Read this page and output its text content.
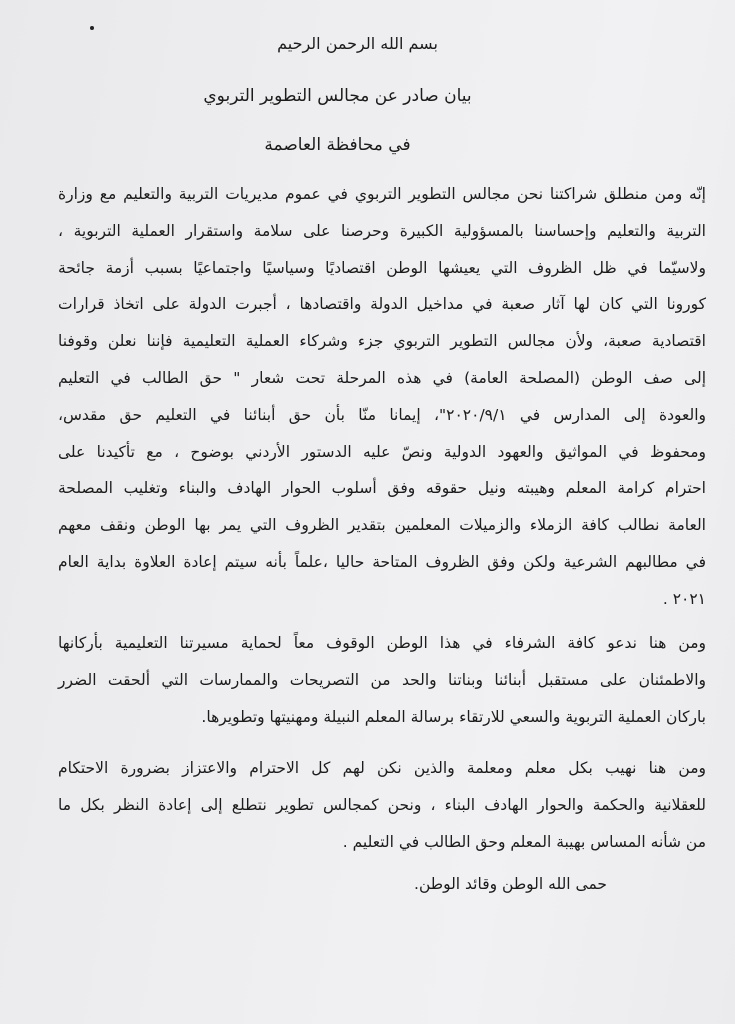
بسم الله الرحمن الرحيم
بيان صادر عن مجالس التطوير التربوي
في محافظة العاصمة
إنّه ومن منطلق شراكتنا نحن مجالس التطوير التربوي في عموم مديريات التربية والتعليم مع وزارة
التربية والتعليم وإحساسنا بالمسؤولية الكبيرة وحرصنا على سلامة واستقرار العملية التربوية ،
ولاسيّما في ظل الظروف التي يعيشها الوطن اقتصاديًا وسياسيًا واجتماعيًا بسبب أزمة جائحة
كورونا التي كان لها آثار صعبة في مداخيل الدولة واقتصادها ، أجبرت الدولة على اتخاذ قرارات
اقتصادية صعبة، ولأن مجالس التطوير التربوي جزء وشركاء العملية التعليمية فإننا نعلن وقوفنا
إلى صف الوطن (المصلحة العامة) في هذه المرحلة تحت شعار " حق الطالب في التعليم
والعودة إلى المدارس في ٢٠٢٠/٩/١"، إيمانا منّا بأن حق أبنائنا في التعليم حق مقدس،
ومحفوظ في المواثيق والعهود الدولية ونصّ عليه الدستور الأردني بوضوح ، مع تأكيدنا على
احترام كرامة المعلم وهيبته ونيل حقوقه وفق أسلوب الحوار الهادف والبناء وتغليب المصلحة
العامة نطالب كافة الزملاء والزميلات المعلمين بتقدير الظروف التي يمر بها الوطن ونقف معهم
في مطالبهم الشرعية ولكن وفق الظروف المتاحة حاليا ،علماً بأنه سيتم إعادة العلاوة بداية العام
٢٠٢١ .
ومن هنا ندعو كافة الشرفاء في هذا الوطن الوقوف معاً لحماية مسيرتنا التعليمية بأركانها
والاطمئنان على مستقبل أبنائنا وبناتنا والحد من التصريحات والممارسات التي ألحقت الضرر
باركان العملية التربوية والسعي للارتقاء برسالة المعلم النبيلة ومهنيتها وتطويرها.
ومن هنا نهيب بكل معلم ومعلمة والذين نكن لهم كل الاحترام والاعتزاز بضرورة الاحتكام
للعقلانية والحكمة والحوار الهادف البناء ، ونحن كمجالس تطوير نتطلع إلى إعادة النظر بكل ما
من شأنه المساس بهيبة المعلم وحق الطالب في التعليم .
حمى الله الوطن وقائد الوطن.
